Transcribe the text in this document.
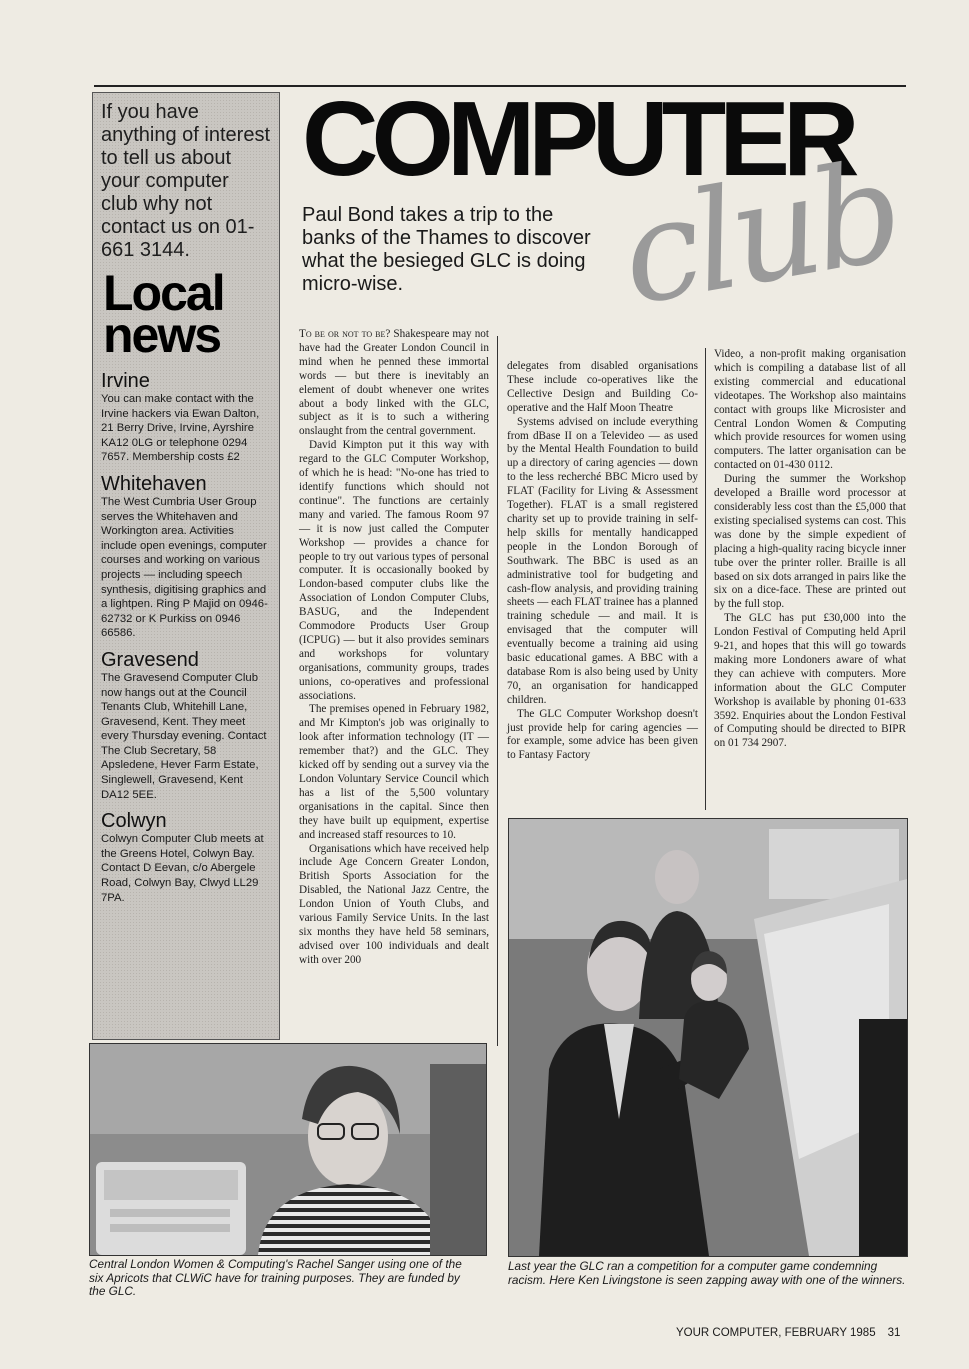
If you have anything of interest to tell us about your computer club why not contact us on 01-661 3144.

Local
news

Irvine

You can make contact with the Irvine hackers via Ewan Dalton, 21 Berry Drive, Irvine, Ayrshire KA12 0LG or telephone 0294 7657. Membership costs £2

Whitehaven

The West Cumbria User Group serves the Whitehaven and Workington area. Activities include open evenings, computer courses and working on various projects — including speech synthesis, digitising graphics and a lightpen. Ring P Majid on 0946-62732 or K Purkiss on 0946 66586.

Gravesend

The Gravesend Computer Club now hangs out at the Council Tenants Club, Whitehill Lane, Gravesend, Kent. They meet every Thursday evening. Contact The Club Secretary, 58 Apsledene, Hever Farm Estate, Singlewell, Gravesend, Kent DA12 5EE.

Colwyn

Colwyn Computer Club meets at the Greens Hotel, Colwyn Bay. Contact D Eevan, c/o Abergele Road, Colwyn Bay, Clwyd LL29 7PA.

COMPUTER
club
Paul Bond takes a trip to the banks of the Thames to discover what the besieged GLC is doing micro-wise.

To be or not to be? Shakespeare may not have had the Greater London Council in mind when he penned these immortal words — but there is inevitably an element of doubt whenever one writes about a body linked with the GLC, subject as it is to such a withering onslaught from the central government.

David Kimpton put it this way with regard to the GLC Computer Workshop, of which he is head: "No-one has tried to identify functions which should not continue". The functions are certainly many and varied. The famous Room 97 — it is now just called the Computer Workshop — provides a chance for people to try out various types of personal computer. It is occasionally booked by London-based computer clubs like the Association of London Computer Clubs, BASUG, and the Independent Commodore Products User Group (ICPUG) — but it also provides seminars and workshops for voluntary organisations, community groups, trades unions, co-operatives and professional associations.

The premises opened in February 1982, and Mr Kimpton's job was originally to look after information technology (IT — remember that?) and the GLC. They kicked off by sending out a survey via the London Voluntary Service Council which has a list of the 5,500 voluntary organisations in the capital. Since then they have built up equipment, expertise and increased staff resources to 10.

Organisations which have received help include Age Concern Greater London, British Sports Association for the Disabled, the National Jazz Centre, the London Union of Youth Clubs, and various Family Service Units. In the last six months they have held 58 seminars, advised over 100 individuals and dealt with over 200

delegates from disabled organisations These include co-operatives like the Cellective Design and Building Co-operative and the Half Moon Theatre

Systems advised on include everything from dBase II on a Televideo — as used by the Mental Health Foundation to build up a directory of caring agencies — down to the less recherché BBC Micro used by FLAT (Facility for Living & Assessment Together). FLAT is a small registered charity set up to provide training in self-help skills for mentally handicapped people in the London Borough of Southwark. The BBC is used as an administrative tool for budgeting and cash-flow analysis, and providing training sheets — each FLAT trainee has a planned training schedule — and mail. It is envisaged that the computer will eventually become a training aid using basic educational games. A BBC with a database Rom is also being used by Unity 70, an organisation for handicapped children.

The GLC Computer Workshop doesn't just provide help for caring agencies — for example, some advice has been given to Fantasy Factory

Video, a non-profit making organisation which is compiling a database list of all existing commercial and educational videotapes. The Workshop also maintains contact with groups like Microsister and Central London Women & Computing which provide resources for women using computers. The latter organisation can be contacted on 01-430 0112.

During the summer the Workshop developed a Braille word processor at considerably less cost than the £5,000 that existing specialised systems can cost. This was done by the simple expedient of placing a high-quality racing bicycle inner tube over the printer roller. Braille is all based on six dots arranged in pairs like the six on a dice-face. These are printed out by the full stop.

The GLC has put £30,000 into the London Festival of Computing held April 9-21, and hopes that this will go towards making more Londoners aware of what they can achieve with computers. More information about the GLC Computer Workshop is available by phoning 01-633 3592. Enquiries about the London Festival of Computing should be directed to BIPR on 01 734 2907.

Central London Women & Computing's Rachel Sanger using one of the six Apricots that CLWiC have for training purposes. They are funded by the GLC.
Last year the GLC ran a competition for a computer game condemning racism. Here Ken Livingstone is seen zapping away with one of the winners.
YOUR COMPUTER, FEBRUARY 1985 31
